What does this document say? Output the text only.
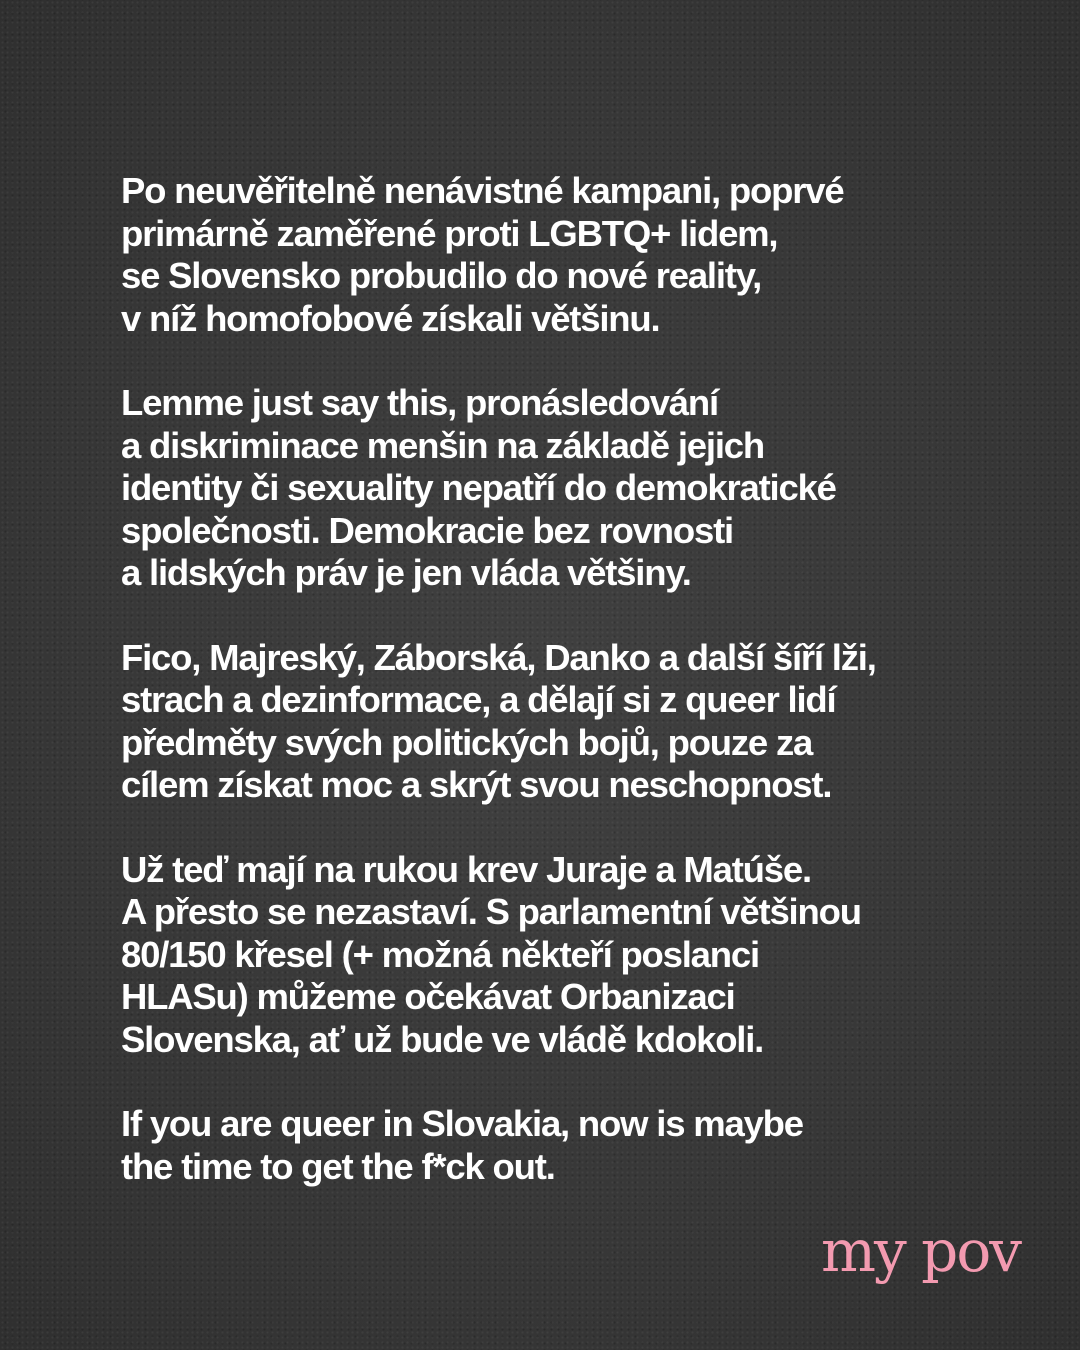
Po neuvěřitelně nenávistné kampani, poprvé
primárně zaměřené proti LGBTQ+ lidem,
se Slovensko probudilo do nové reality,
v níž homofobové získali většinu.
Lemme just say this, pronásledování
a diskriminace menšin na základě jejich
identity či sexuality nepatří do demokratické
společnosti. Demokracie bez rovnosti
a lidských práv je jen vláda většiny.
Fico, Majreský, Záborská, Danko a další šíří lži,
strach a dezinformace, a dělají si z queer lidí
předměty svých politických bojů, pouze za
cílem získat moc a skrýt svou neschopnost.
Už teď mají na rukou krev Juraje a Matúše.
A přesto se nezastaví. S parlamentní většinou
80/150 křesel (+ možná někteří poslanci
HLASu) můžeme očekávat Orbanizaci
Slovenska, ať už bude ve vládě kdokoli.
If you are queer in Slovakia, now is maybe
the time to get the f*ck out.
my pov
